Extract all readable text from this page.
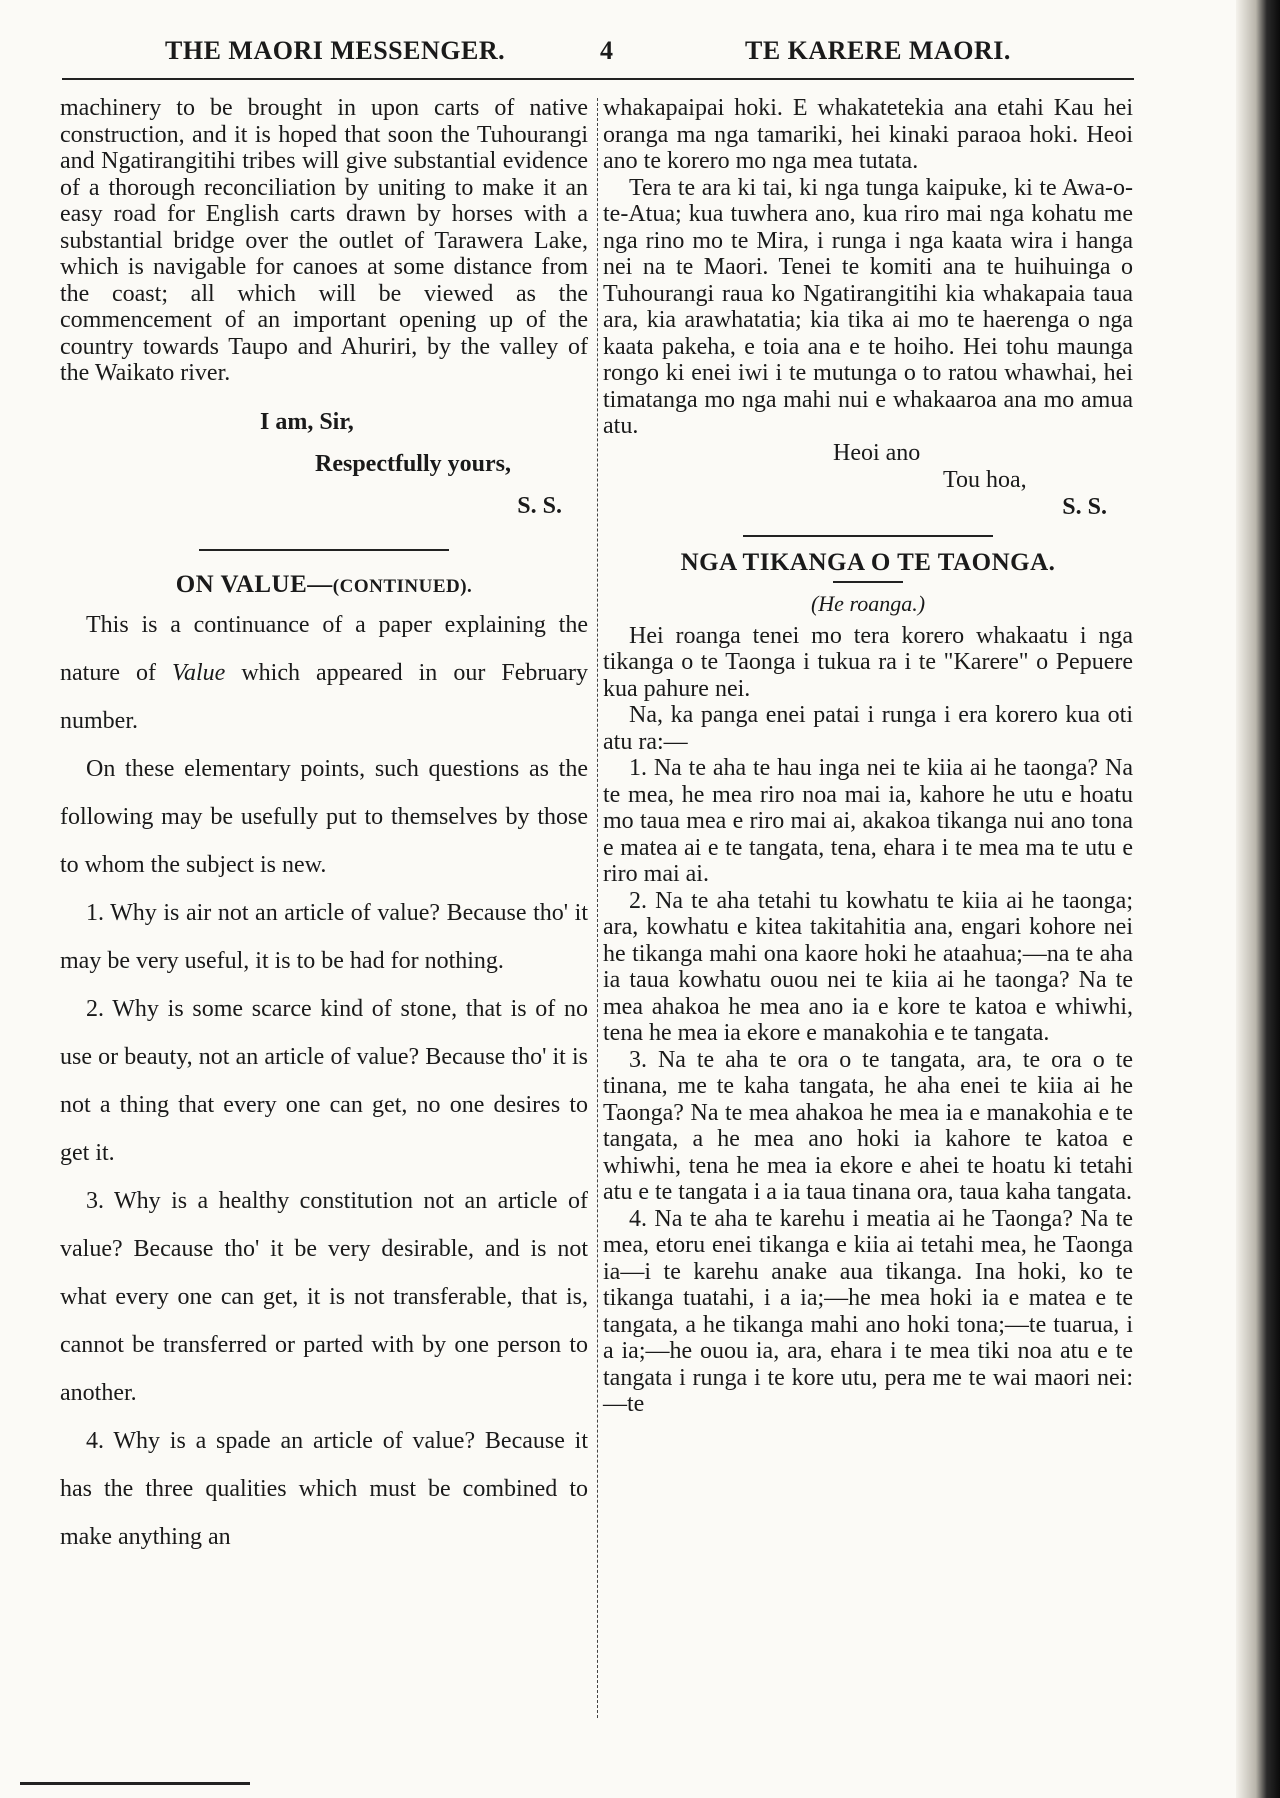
THE MAORI MESSENGER.	4	TE KARERE MAORI.

machinery to be brought in upon carts of native construction, and it is hoped that soon the Tuhourangi and Ngatirangitihi tribes will give substantial evidence of a thorough reconciliation by uniting to make it an easy road for English carts drawn by horses with a substantial bridge over the outlet of Tarawera Lake, which is navigable for canoes at some distance from the coast; all which will be viewed as the commencement of an important opening up of the country towards Taupo and Ahuriri, by the valley of the Waikato river.

I am, Sir,
Respectfully yours,
S. S.
ON VALUE—(CONTINUED).

This is a continuance of a paper explaining the nature of Value which appeared in our February number.

On these elementary points, such questions as the following may be usefully put to themselves by those to whom the subject is new.

1. Why is air not an article of value? Because tho' it may be very useful, it is to be had for nothing.

2. Why is some scarce kind of stone, that is of no use or beauty, not an article of value? Because tho' it is not a thing that every one can get, no one desires to get it.

3. Why is a healthy constitution not an article of value? Because tho' it be very desirable, and is not what every one can get, it is not transferable, that is, cannot be transferred or parted with by one person to another.

4. Why is a spade an article of value? Because it has the three qualities which must be combined to make anything an

whakapaipai hoki. E whakatetekia ana etahi Kau hei oranga ma nga tamariki, hei kinaki paraoa hoki. Heoi ano te korero mo nga mea tutata.

Tera te ara ki tai, ki nga tunga kaipuke, ki te Awa-o-te-Atua; kua tuwhera ano, kua riro mai nga kohatu me nga rino mo te Mira, i runga i nga kaata wira i hanga nei na te Maori. Tenei te komiti ana te huihuinga o Tuhourangi raua ko Ngatirangitihi kia whakapaia taua ara, kia arawhatatia; kia tika ai mo te haerenga o nga kaata pakeha, e toia ana e te hoiho. Hei tohu maunga rongo ki enei iwi i te mutunga o to ratou whawhai, hei timatanga mo nga mahi nui e whakaaroa ana mo amua atu.

Heoi ano
Tou hoa,
S. S.
NGA TIKANGA O TE TAONGA.
(He roanga.)

Hei roanga tenei mo tera korero whakaatu i nga tikanga o te Taonga i tukua ra i te "Karere" o Pepuere kua pahure nei.

Na, ka panga enei patai i runga i era korero kua oti atu ra:—

1. Na te aha te hau inga nei te kiia ai he taonga? Na te mea, he mea riro noa mai ia, kahore he utu e hoatu mo taua mea e riro mai ai, akakoa tikanga nui ano tona e matea ai e te tangata, tena, ehara i te mea ma te utu e riro mai ai.

2. Na te aha tetahi tu kowhatu te kiia ai he taonga; ara, kowhatu e kitea takitahitia ana, engari kohore nei he tikanga mahi ona kaore hoki he ataahua;—na te aha ia taua kowhatu ouou nei te kiia ai he taonga? Na te mea ahakoa he mea ano ia e kore te katoa e whiwhi, tena he mea ia ekore e manakohia e te tangata.

3. Na te aha te ora o te tangata, ara, te ora o te tinana, me te kaha tangata, he aha enei te kiia ai he Taonga? Na te mea ahakoa he mea ia e manakohia e te tangata, a he mea ano hoki ia kahore te katoa e whiwhi, tena he mea ia ekore e ahei te hoatu ki tetahi atu e te tangata i a ia taua tinana ora, taua kaha tangata.

4. Na te aha te karehu i meatia ai he Taonga? Na te mea, etoru enei tikanga e kiia ai tetahi mea, he Taonga ia—i te karehu anake aua tikanga. Ina hoki, ko te tikanga tuatahi, i a ia;—he mea hoki ia e matea e te tangata, a he tikanga mahi ano hoki tona;—te tuarua, i a ia;—he ouou ia, ara, ehara i te mea tiki noa atu e te tangata i runga i te kore utu, pera me te wai maori nei:—te
